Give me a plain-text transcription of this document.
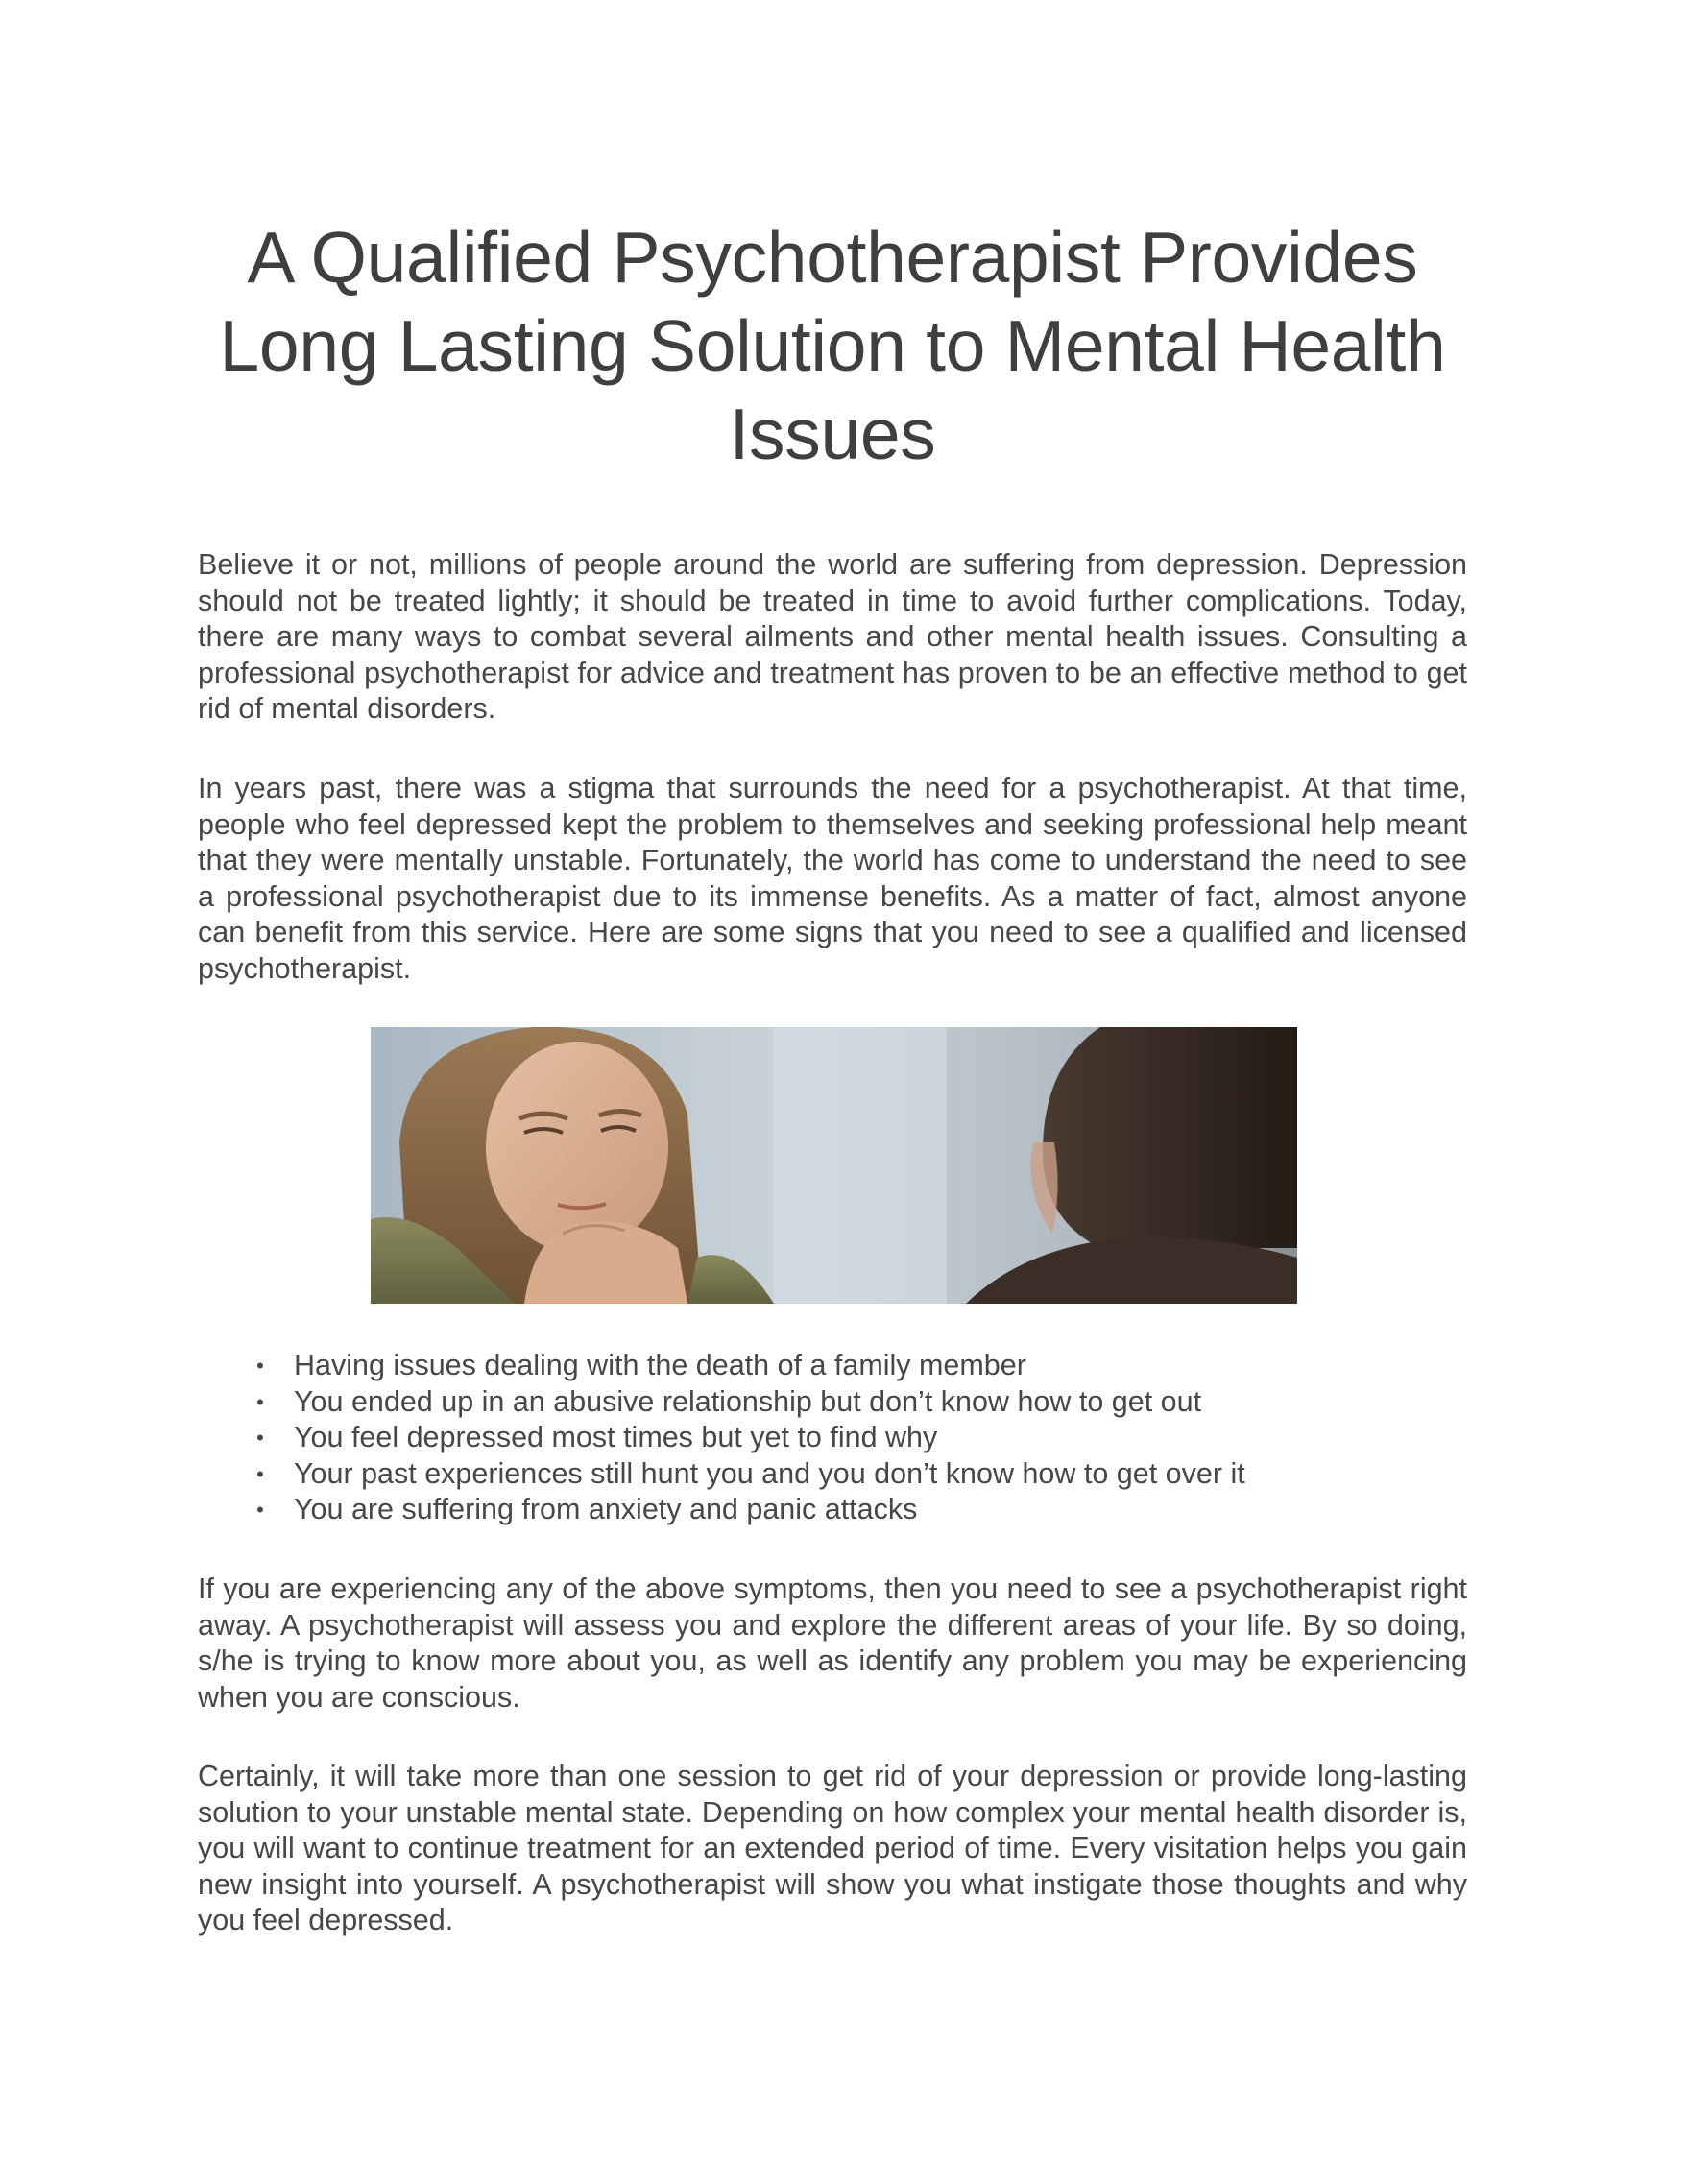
A Qualified Psychotherapist Provides Long Lasting Solution to Mental Health Issues

Believe it or not, millions of people around the world are suffering from depression. Depression should not be treated lightly; it should be treated in time to avoid further complications. Today, there are many ways to combat several ailments and other mental health issues. Consulting a professional psychotherapist for advice and treatment has proven to be an effective method to get rid of mental disorders.

In years past, there was a stigma that surrounds the need for a psychotherapist. At that time, people who feel depressed kept the problem to themselves and seeking professional help meant that they were mentally unstable. Fortunately, the world has come to understand the need to see a professional psychotherapist due to its immense benefits. As a matter of fact, almost anyone can benefit from this service. Here are some signs that you need to see a qualified and licensed psychotherapist.

• Having issues dealing with the death of a family member
• You ended up in an abusive relationship but don’t know how to get out
• You feel depressed most times but yet to find why
• Your past experiences still hunt you and you don’t know how to get over it
• You are suffering from anxiety and panic attacks

If you are experiencing any of the above symptoms, then you need to see a psychotherapist right away. A psychotherapist will assess you and explore the different areas of your life. By so doing, s/he is trying to know more about you, as well as identify any problem you may be experiencing when you are conscious.

Certainly, it will take more than one session to get rid of your depression or provide long-lasting solution to your unstable mental state. Depending on how complex your mental health disorder is, you will want to continue treatment for an extended period of time. Every visitation helps you gain new insight into yourself. A psychotherapist will show you what instigate those thoughts and why you feel depressed.
